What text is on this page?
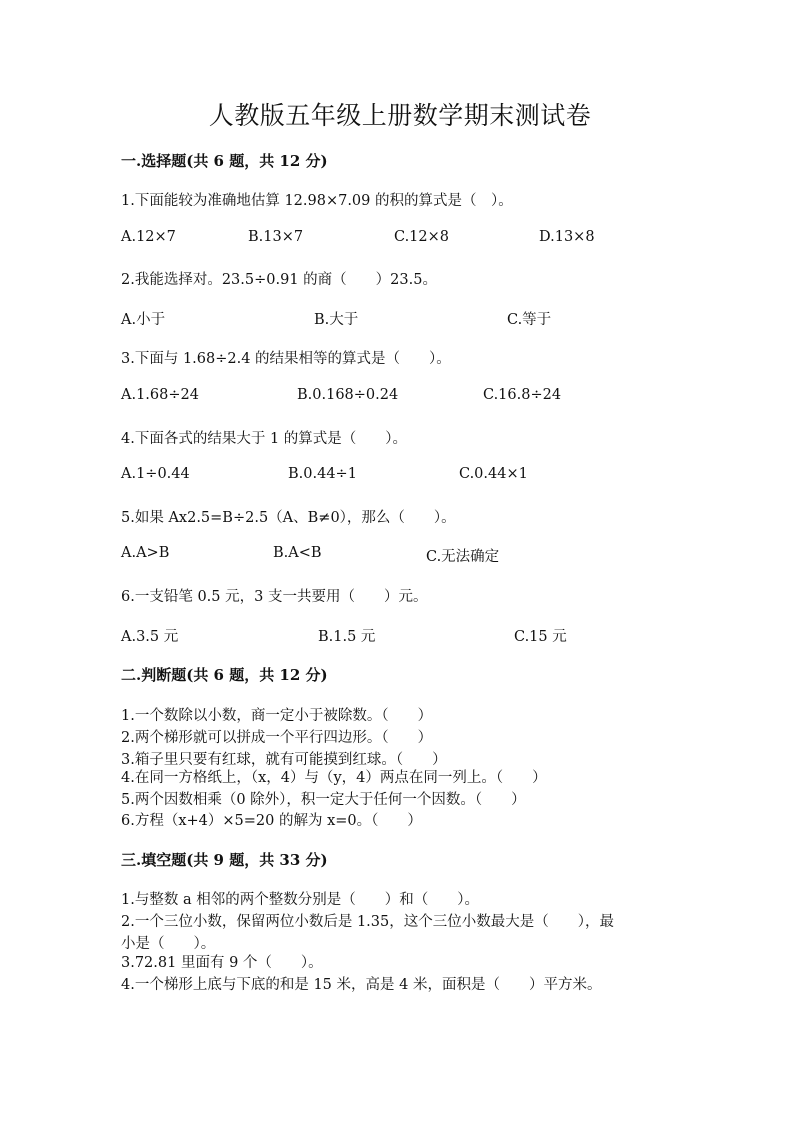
人教版五年级上册数学期末测试卷
一.选择题(共 6 题，共 12 分)
1.下面能较为准确地估算 12.98×7.09 的积的算式是（　）。
A.12×7	B.13×7	C.12×8	D.13×8
2.我能选择对。23.5÷0.91 的商（　　）23.5。
A.小于	B.大于	C.等于
3.下面与 1.68÷2.4 的结果相等的算式是（　　）。
A.1.68÷24	B.0.168÷0.24	C.16.8÷24
4.下面各式的结果大于 1 的算式是（　　）。
A.1÷0.44	B.0.44÷1	C.0.44×1
5.如果 Ax2.5=B÷2.5（A、B≠0），那么（　　）。
A.A>B	B.A<B	C.无法确定
6.一支铅笔 0.5 元，3 支一共要用（　　）元。
A.3.5 元	B.1.5 元	C.15 元
二.判断题(共 6 题，共 12 分)
1.一个数除以小数，商一定小于被除数。（　　）
2.两个梯形就可以拼成一个平行四边形。（　　）
3.箱子里只要有红球，就有可能摸到红球。（　　）
4.在同一方格纸上，（x，4）与（y，4）两点在同一列上。（　　）
5.两个因数相乘（0 除外），积一定大于任何一个因数。（　　）
6.方程（x+4）×5=20 的解为 x=0。（　　）
三.填空题(共 9 题，共 33 分)
1.与整数 a 相邻的两个整数分别是（　　）和（　　）。
2.一个三位小数，保留两位小数后是 1.35，这个三位小数最大是（　　），最
小是（　　）。
3.72.81 里面有 9 个（　　）。
4.一个梯形上底与下底的和是 15 米，高是 4 米，面积是（　　）平方米。
